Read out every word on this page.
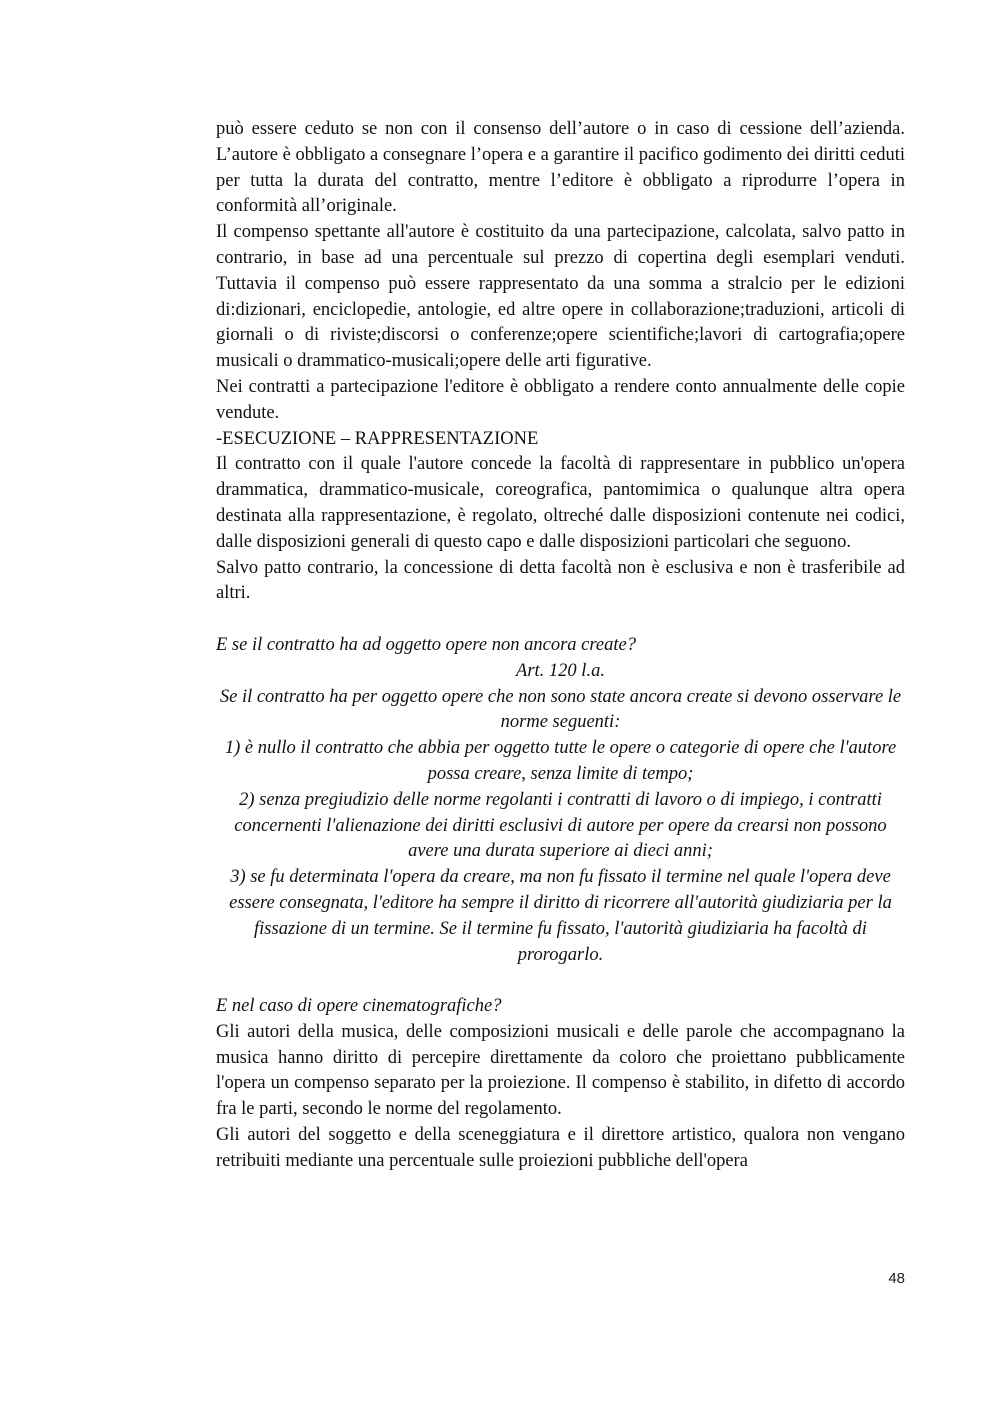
può essere ceduto se non con il consenso dell’autore o in caso di cessione dell’azienda. L’autore è obbligato a consegnare l’opera e a garantire il pacifico godimento dei diritti ceduti per tutta la durata del contratto, mentre l’editore è obbligato a riprodurre l’opera in conformità all’originale.

Il compenso spettante all'autore è costituito da una partecipazione, calcolata, salvo patto in contrario, in base ad una percentuale sul prezzo di copertina degli esemplari venduti. Tuttavia il compenso può essere rappresentato da una somma a stralcio per le edizioni di:dizionari, enciclopedie, antologie, ed altre opere in collaborazione;traduzioni, articoli di giornali o di riviste;discorsi o conferenze;opere scientifiche;lavori di cartografia;opere musicali o drammatico-musicali;opere delle arti figurative.

Nei contratti a partecipazione l'editore è obbligato a rendere conto annualmente delle copie vendute.

-ESECUZIONE – RAPPRESENTAZIONE

Il contratto con il quale l'autore concede la facoltà di rappresentare in pubblico un'opera drammatica, drammatico-musicale, coreografica, pantomimica o qualunque altra opera destinata alla rappresentazione, è regolato, oltreché dalle disposizioni contenute nei codici, dalle disposizioni generali di questo capo e dalle disposizioni particolari che seguono.

Salvo patto contrario, la concessione di detta facoltà non è esclusiva e non è trasferibile ad altri.

E se il contratto ha ad oggetto opere non ancora create?

Art. 120 l.a.

Se il contratto ha per oggetto opere che non sono state ancora create si devono osservare le norme seguenti:

1) è nullo il contratto che abbia per oggetto tutte le opere o categorie di opere che l'autore possa creare, senza limite di tempo;

2) senza pregiudizio delle norme regolanti i contratti di lavoro o di impiego, i contratti concernenti l'alienazione dei diritti esclusivi di autore per opere da crearsi non possono avere una durata superiore ai dieci anni;

3) se fu determinata l'opera da creare, ma non fu fissato il termine nel quale l'opera deve essere consegnata, l'editore ha sempre il diritto di ricorrere all'autorità giudiziaria per la fissazione di un termine. Se il termine fu fissato, l'autorità giudiziaria ha facoltà di prorogarlo.

E nel caso di opere cinematografiche?

Gli autori della musica, delle composizioni musicali e delle parole che accompagnano la musica hanno diritto di percepire direttamente da coloro che proiettano pubblicamente l'opera un compenso separato per la proiezione. Il compenso è stabilito, in difetto di accordo fra le parti, secondo le norme del regolamento.

Gli autori del soggetto e della sceneggiatura e il direttore artistico, qualora non vengano retribuiti mediante una percentuale sulle proiezioni pubbliche dell'opera

48
